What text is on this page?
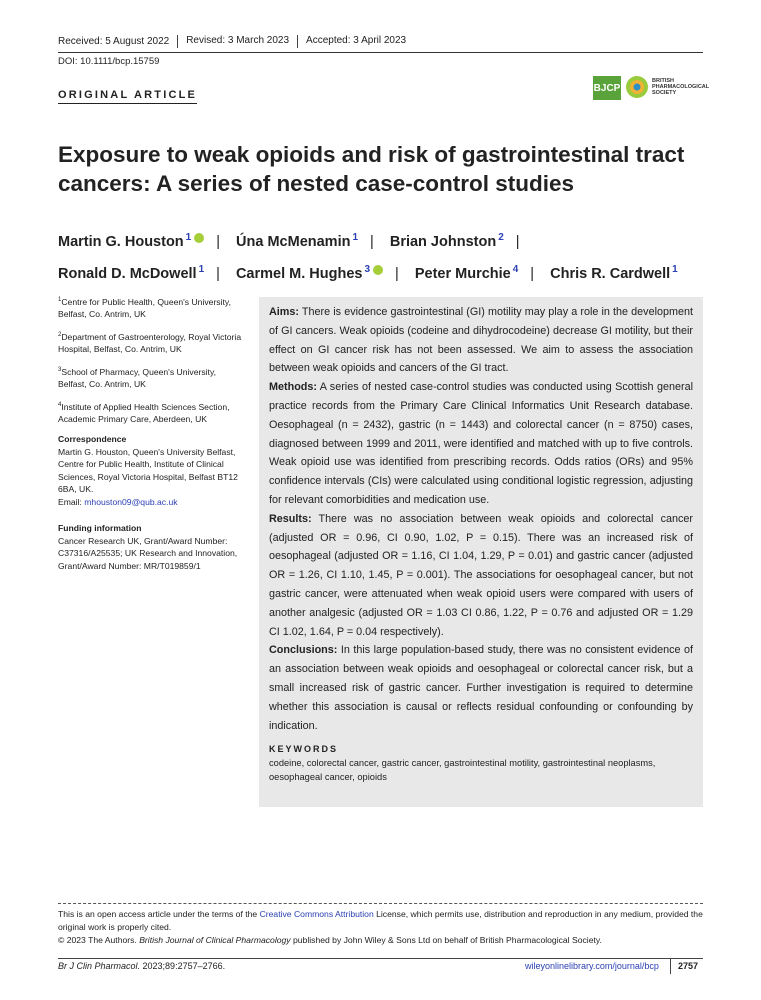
Received: 5 August 2022	Revised: 3 March 2023	Accepted: 3 April 2023
DOI: 10.1111/bcp.15759
ORIGINAL ARTICLE
BJCP
BRITISH PHARMACOLOGICAL SOCIETY
Exposure to weak opioids and risk of gastrointestinal tract cancers: A series of nested case-control studies
Martin G. Houston $^1$ | Úna McMenamin $^1$ | Brian Johnston $^2$ |
Ronald D. McDowell $^1$ | Carmel M. Hughes $^3$ | Peter Murchie $^4$ | Chris R. Cardwell $^1$
$^1$Centre for Public Health, Queen's University, Belfast, Co. Antrim, UK
$^2$Department of Gastroenterology, Royal Victoria Hospital, Belfast, Co. Antrim, UK
$^3$School of Pharmacy, Queen's University, Belfast, Co. Antrim, UK
$^4$Institute of Applied Health Sciences Section, Academic Primary Care, Aberdeen, UK
Correspondence
Martin G. Houston, Queen's University Belfast, Centre for Public Health, Institute of Clinical Sciences, Royal Victoria Hospital, Belfast BT12 6BA, UK.
Email: mhouston09@qub.ac.uk
Funding information
Cancer Research UK, Grant/Award Number: C37316/A25535; UK Research and Innovation, Grant/Award Number: MR/T019859/1

Aims: There is evidence gastrointestinal (GI) motility may play a role in the development of GI cancers. Weak opioids (codeine and dihydrocodeine) decrease GI motility, but their effect on GI cancer risk has not been assessed. We aim to assess the association between weak opioids and cancers of the GI tract.

Methods: A series of nested case-control studies was conducted using Scottish general practice records from the Primary Care Clinical Informatics Unit Research database. Oesophageal (n = 2432), gastric (n = 1443) and colorectal cancer (n = 8750) cases, diagnosed between 1999 and 2011, were identified and matched with up to five controls. Weak opioid use was identified from prescribing records. Odds ratios (ORs) and 95% confidence intervals (CIs) were calculated using conditional logistic regression, adjusting for relevant comorbidities and medication use.

Results: There was no association between weak opioids and colorectal cancer (adjusted OR = 0.96, CI 0.90, 1.02, P = 0.15). There was an increased risk of oesophageal (adjusted OR = 1.16, CI 1.04, 1.29, P = 0.01) and gastric cancer (adjusted OR = 1.26, CI 1.10, 1.45, P = 0.001). The associations for oesophageal cancer, but not gastric cancer, were attenuated when weak opioid users were compared with users of another analgesic (adjusted OR = 1.03 CI 0.86, 1.22, P = 0.76 and adjusted OR = 1.29 CI 1.02, 1.64, P = 0.04 respectively).

Conclusions: In this large population-based study, there was no consistent evidence of an association between weak opioids and oesophageal or colorectal cancer risk, but a small increased risk of gastric cancer. Further investigation is required to determine whether this association is causal or reflects residual confounding or confounding by indication.

KEYWORDS
codeine, colorectal cancer, gastric cancer, gastrointestinal motility, gastrointestinal neoplasms, oesophageal cancer, opioids
This is an open access article under the terms of the Creative Commons Attribution License, which permits use, distribution and reproduction in any medium, provided the original work is properly cited.
© 2023 The Authors. British Journal of Clinical Pharmacology published by John Wiley & Sons Ltd on behalf of British Pharmacological Society.
Br J Clin Pharmacol. 2023;89:2757–2766.	wileyonlinelibrary.com/journal/bcp 2757
